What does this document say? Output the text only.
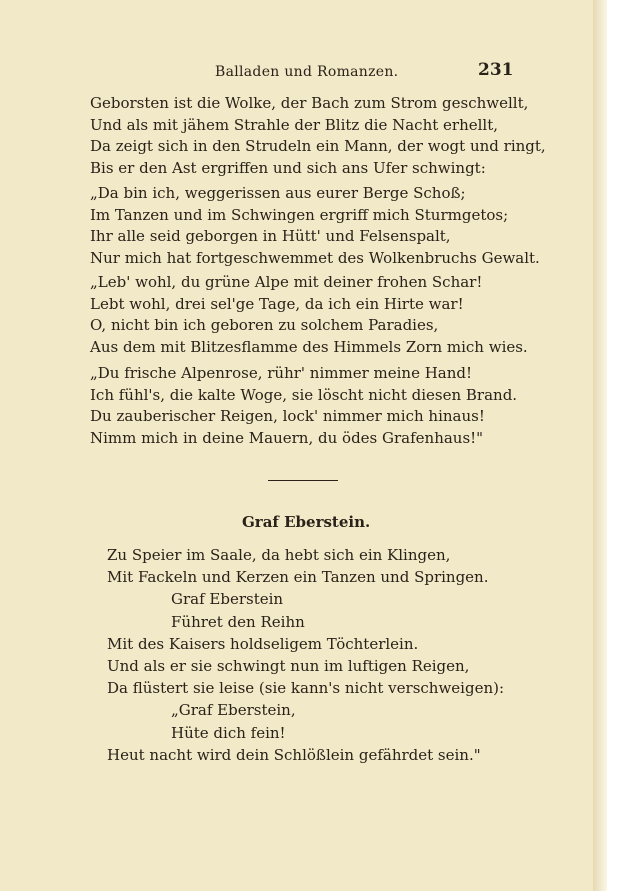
Balladen und Romanzen.	231
Geborsten ist die Wolke, der Bach zum Strom geschwellt,
Und als mit jähem Strahle der Blitz die Nacht erhellt,
Da zeigt sich in den Strudeln ein Mann, der wogt und ringt,
Bis er den Ast ergriffen und sich ans Ufer schwingt:
„Da bin ich, weggerissen aus eurer Berge Schoß;
Im Tanzen und im Schwingen ergriff mich Sturmgetos;
Ihr alle seid geborgen in Hütt' und Felsenspalt,
Nur mich hat fortgeschwemmet des Wolkenbruchs Gewalt.
„Leb' wohl, du grüne Alpe mit deiner frohen Schar!
Lebt wohl, drei sel'ge Tage, da ich ein Hirte war!
O, nicht bin ich geboren zu solchem Paradies,
Aus dem mit Blitzesflamme des Himmels Zorn mich wies.
„Du frische Alpenrose, rühr' nimmer meine Hand!
Ich fühl's, die kalte Woge, sie löscht nicht diesen Brand.
Du zauberischer Reigen, lock' nimmer mich hinaus!
Nimm mich in deine Mauern, du ödes Grafenhaus!"
Graf Eberstein.
Zu Speier im Saale, da hebt sich ein Klingen,
Mit Fackeln und Kerzen ein Tanzen und Springen.
Graf Eberstein
Führet den Reihn
Mit des Kaisers holdseligem Töchterlein.
Und als er sie schwingt nun im luftigen Reigen,
Da flüstert sie leise (sie kann's nicht verschweigen):
„Graf Eberstein,
Hüte dich fein!
Heut nacht wird dein Schlößlein gefährdet sein."
